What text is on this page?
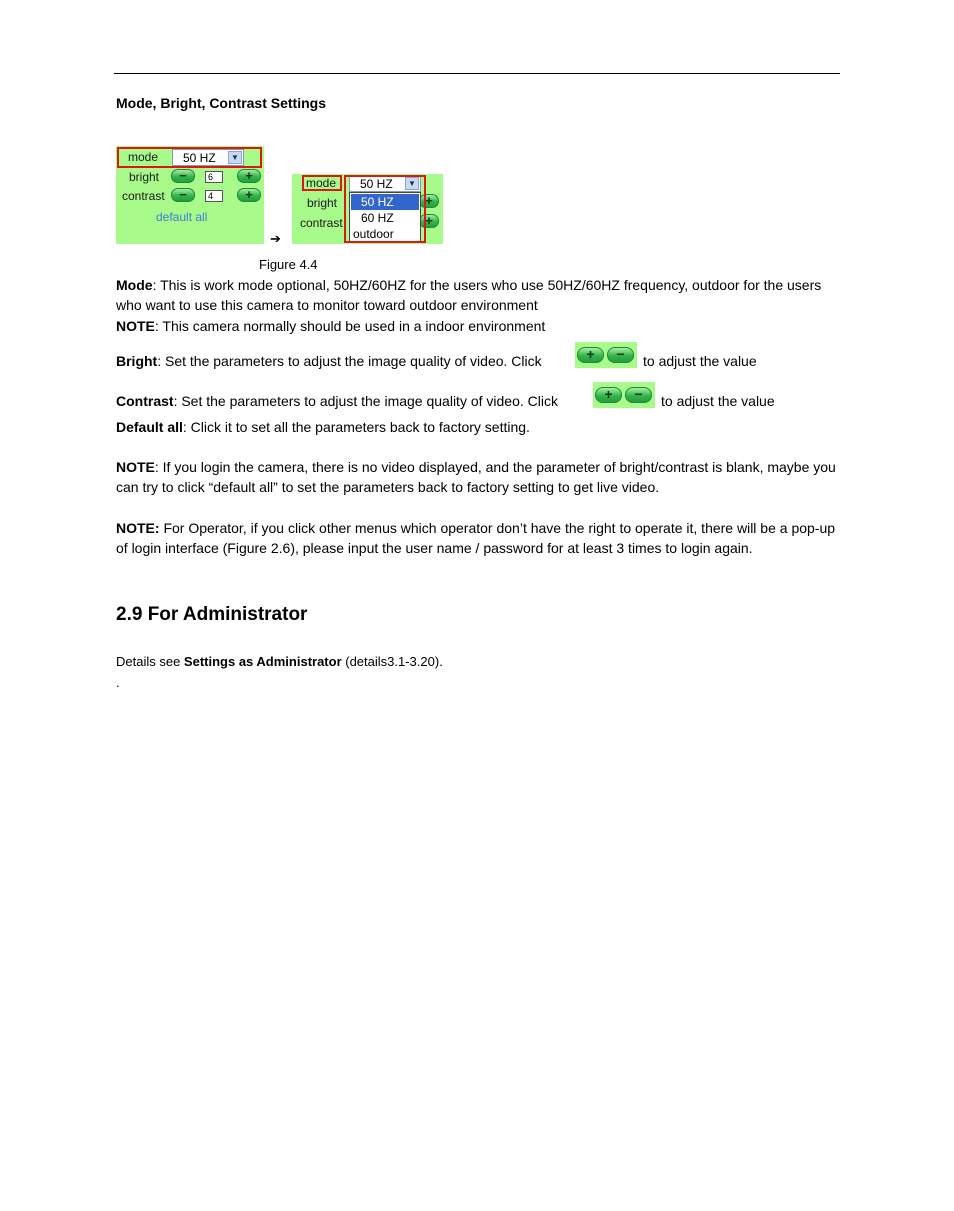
Mode, Bright, Contrast Settings
mode 50 HZ	▼
bright	−	6	+
contrast	−	4	+
default all
➔
mode 50 HZ	▼
bright
contrast
+
+
50 HZ
60 HZ
outdoor
Figure 4.4
Mode: This is work mode optional, 50HZ/60HZ for the users who use 50HZ/60HZ frequency, outdoor for the users who want to use this camera to monitor toward outdoor environment
NOTE: This camera normally should be used in a indoor environment
Bright: Set the parameters to adjust the image quality of video. Click	+	−	to adjust the value
Contrast: Set the parameters to adjust the image quality of video. Click	+	−	to adjust the value
Default all: Click it to set all the parameters back to factory setting.
NOTE: If you login the camera, there is no video displayed, and the parameter of bright/contrast is blank, maybe you can try to click “default all” to set the parameters back to factory setting to get live video.
NOTE: For Operator, if you click other menus which operator don’t have the right to operate it, there will be a pop-up of login interface (Figure 2.6), please input the user name / password for at least 3 times to login again.
2.9 For Administrator
Details see Settings as Administrator (details3.1-3.20).
.
